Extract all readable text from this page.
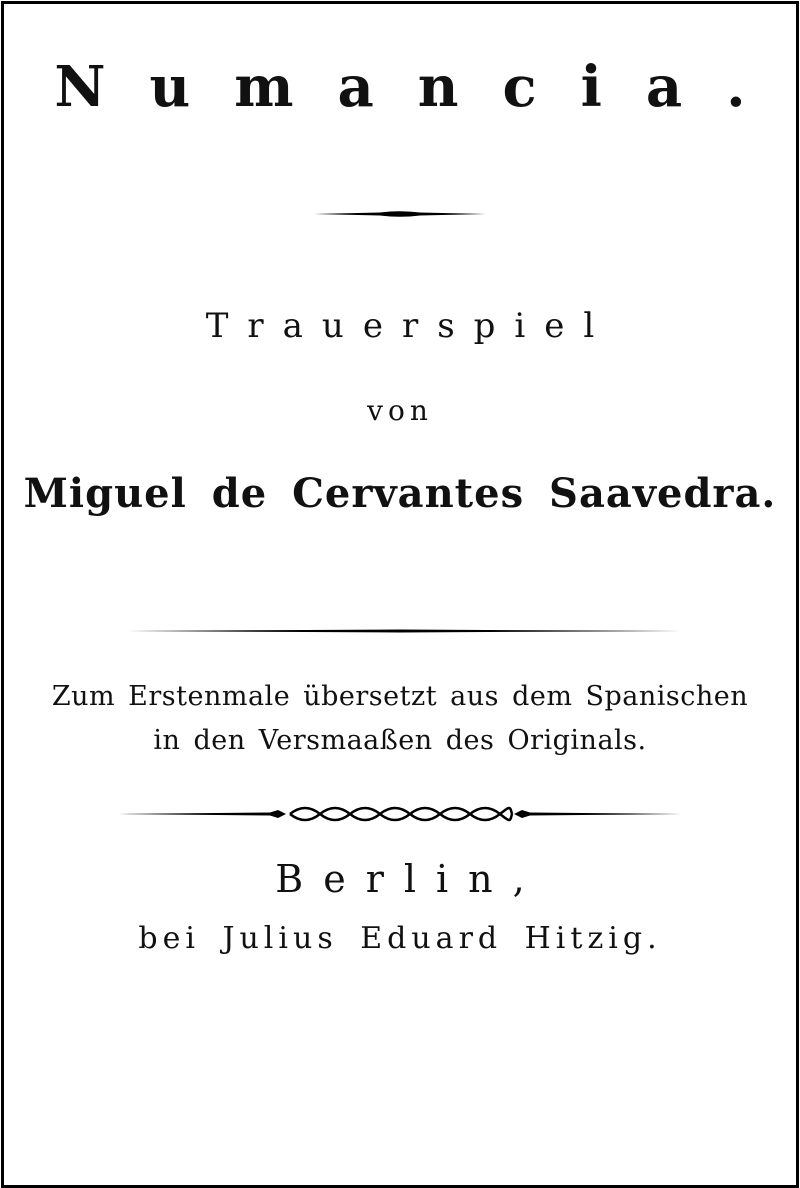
Numancia.
Trauerspiel
von
Miguel de Cervantes Saavedra.
Zum Erstenmale übersetzt aus dem Spanischen
in den Versmaaßen des Originals.
Berlin,
bei Julius Eduard Hitzig.
